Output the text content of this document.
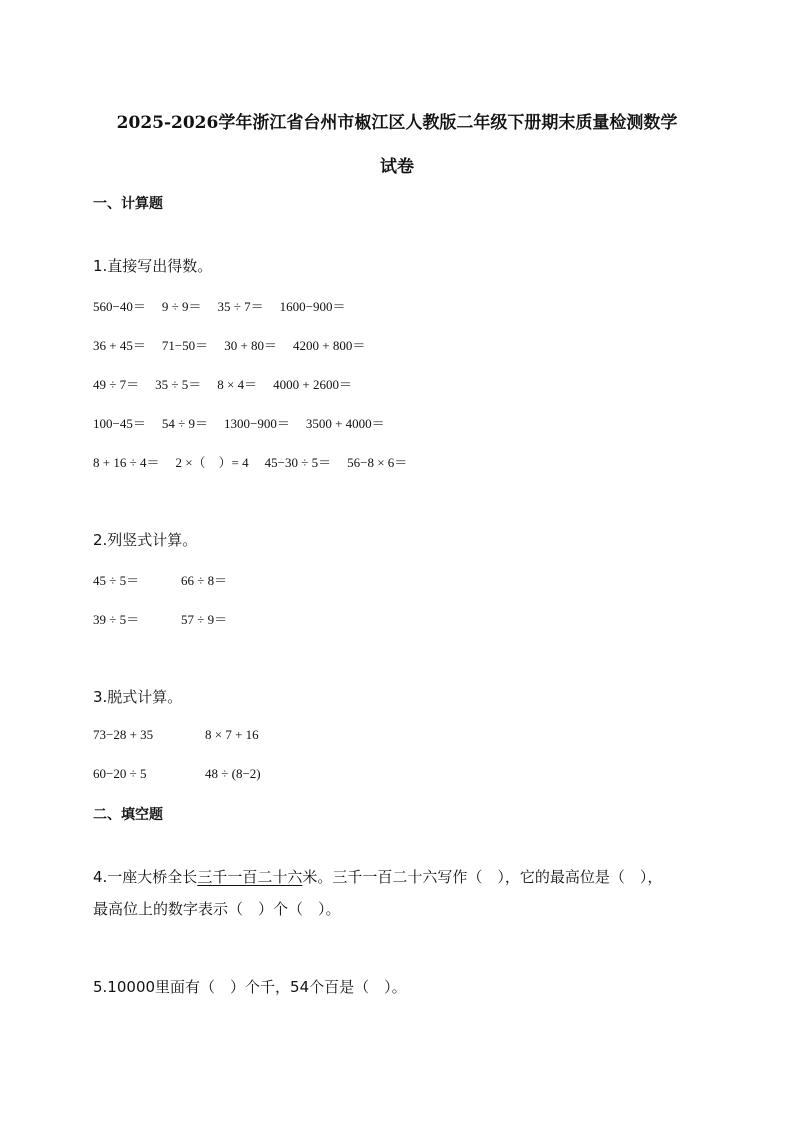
2025-2026学年浙江省台州市椒江区人教版二年级下册期末质量检测数学
试卷
一、计算题
1.直接写出得数。
560−40＝ 9 ÷ 9＝ 35 ÷ 7＝ 1600−900＝
36 + 45＝ 71−50＝ 30 + 80＝ 4200 + 800＝
49 ÷ 7＝ 35 ÷ 5＝ 8 × 4＝ 4000 + 2600＝
100−45＝ 54 ÷ 9＝ 1300−900＝ 3500 + 4000＝
8 + 16 ÷ 4＝ 2 ×（　）= 4 45−30 ÷ 5＝ 56−8 × 6＝
2.列竖式计算。
45 ÷ 5＝	66 ÷ 8＝
39 ÷ 5＝	57 ÷ 9＝
3.脱式计算。
73−28 + 35	8 × 7 + 16
60−20 ÷ 5	48 ÷ (8−2)
二、填空题
4.一座大桥全长三千一百二十六米。三千一百二十六写作（　），它的最高位是（　），
最高位上的数字表示（　）个（　）。
5.10000里面有（　）个千，54个百是（　）。
